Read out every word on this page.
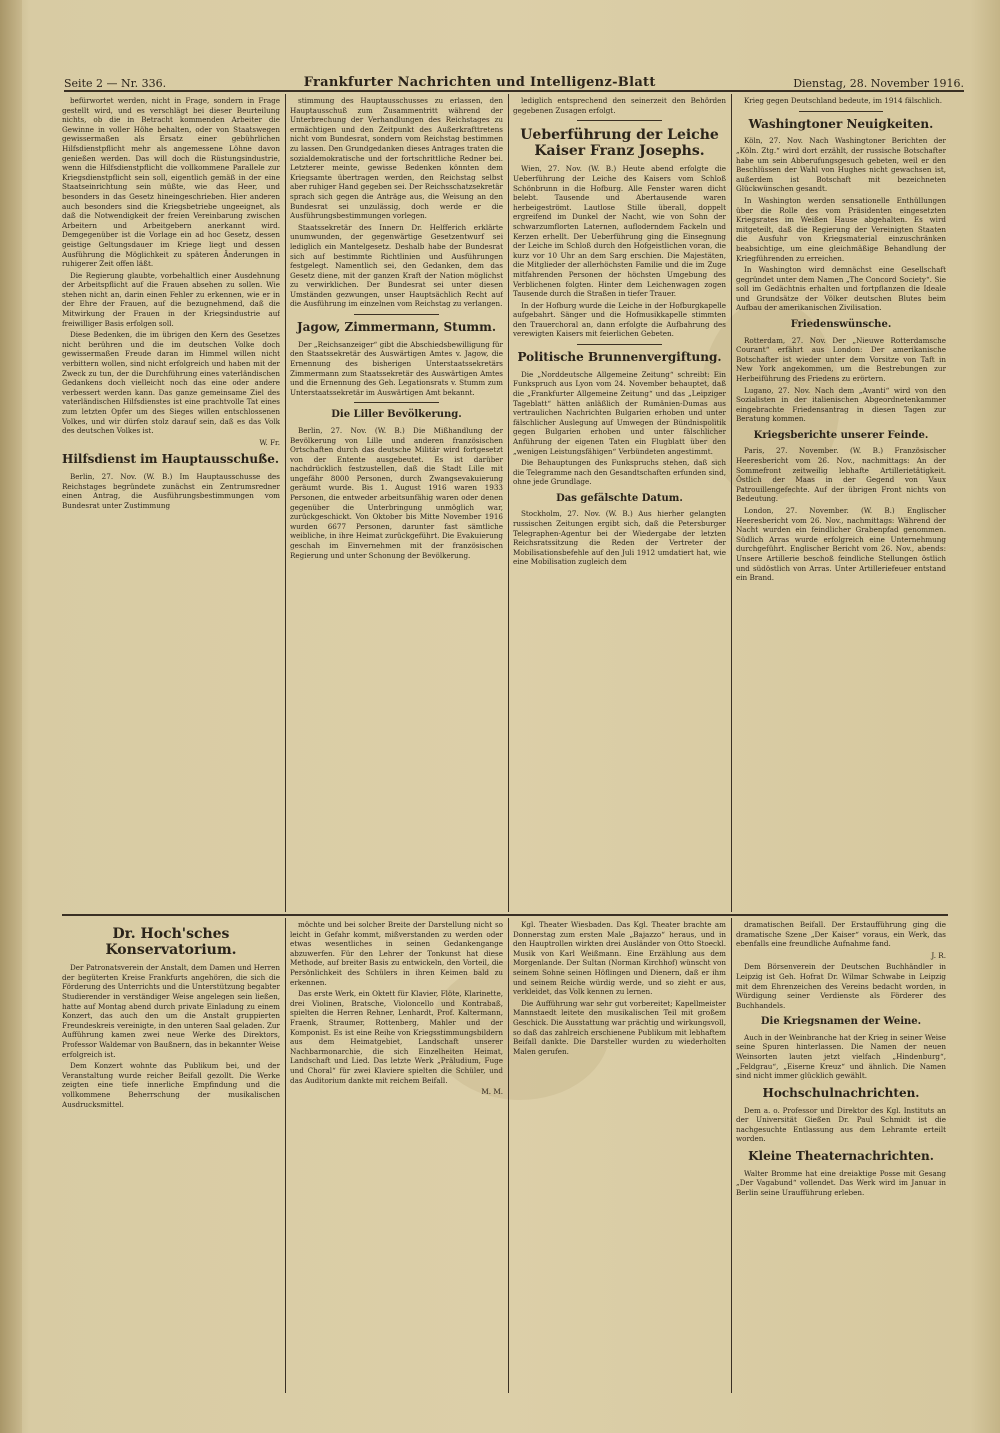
Seite 2 — Nr. 336.	Frankfurter Nachrichten und Intelligenz-Blatt	Dienstag, 28. November 1916.

befürwortet werden, nicht in Frage, sondern in Frage gestellt wird, und es verschlägt bei dieser Beurteilung nichts, ob die in Betracht kommenden Arbeiter die Gewinne in voller Höhe behalten, oder von Staatswegen gewissermaßen als Ersatz einer gebührlichen Hilfsdienstpflicht mehr als angemessene Löhne davon genießen werden. Das will doch die Rüstungsindustrie, wenn die Hilfsdienstpflicht die vollkommene Parallele zur Kriegsdienstpflicht sein soll, eigentlich gemäß in der eine Staatseinrichtung sein müßte, wie das Heer, und besonders in das Gesetz hineingeschrieben. Hier anderen auch besonders sind die Kriegsbetriebe ungeeignet, als daß die Notwendigkeit der freien Vereinbarung zwischen Arbeitern und Arbeitgebern anerkannt wird. Demgegenüber ist die Vorlage ein ad hoc Gesetz, dessen geistige Geltungsdauer im Kriege liegt und dessen Ausführung die Möglichkeit zu späteren Änderungen in ruhigerer Zeit offen läßt.

Die Regierung glaubte, vorbehaltlich einer Ausdehnung der Arbeitspflicht auf die Frauen absehen zu sollen. Wie stehen nicht an, darin einen Fehler zu erkennen, wie er in der Ehre der Frauen, auf die bezugnehmend, daß die Mitwirkung der Frauen in der Kriegsindustrie auf freiwilliger Basis erfolgen soll.

Diese Bedenken, die im übrigen den Kern des Gesetzes nicht berühren und die im deutschen Volke doch gewissermaßen Freude daran im Himmel willen nicht verbittern wollen, sind nicht erfolgreich und haben mit der Zweck zu tun, der die Durchführung eines vaterländischen Gedankens doch vielleicht noch das eine oder andere verbessert werden kann. Das ganze gemeinsame Ziel des vaterländischen Hilfsdienstes ist eine prachtvolle Tat eines zum letzten Opfer um des Sieges willen entschlossenen Volkes, und wir dürfen stolz darauf sein, daß es das Volk des deutschen Volkes ist.

W. Fr.

Hilfsdienst im Hauptausschuße.

Berlin, 27. Nov. (W. B.) Im Hauptausschusse des Reichstages begründete zunächst ein Zentrumsredner einen Antrag, die Ausführungsbestimmungen vom Bundesrat unter Zustimmung

stimmung des Hauptausschusses zu erlassen, den Hauptausschuß zum Zusammentritt während der Unterbrechung der Verhandlungen des Reichstages zu ermächtigen und den Zeitpunkt des Außerkrafttretens nicht vom Bundesrat, sondern vom Reichstag bestimmen zu lassen. Den Grundgedanken dieses Antrages traten die sozialdemokratische und der fortschrittliche Redner bei. Letzterer meinte, gewisse Bedenken könnten dem Kriegsamte übertragen werden, den Reichstag selbst aber ruhiger Hand gegeben sei. Der Reichsschatzsekretär sprach sich gegen die Anträge aus, die Weisung an den Bundesrat sei unzulässig, doch werde er die Ausführungsbestimmungen vorlegen.

Staatssekretär des Innern Dr. Helfferich erklärte unumwunden, der gegenwärtige Gesetzentwurf sei lediglich ein Mantelgesetz. Deshalb habe der Bundesrat sich auf bestimmte Richtlinien und Ausführungen festgelegt. Namentlich sei, den Gedanken, dem das Gesetz diene, mit der ganzen Kraft der Nation möglichst zu verwirklichen. Der Bundesrat sei unter diesen Umständen gezwungen, unser Hauptsächlich Recht auf die Ausführung im einzelnen vom Reichstag zu verlangen.

Jagow, Zimmermann, Stumm.

Der „Reichsanzeiger“ gibt die Abschiedsbewilligung für den Staatssekretär des Auswärtigen Amtes v. Jagow, die Ernennung des bisherigen Unterstaatssekretärs Zimmermann zum Staatssekretär des Auswärtigen Amtes und die Ernennung des Geh. Legationsrats v. Stumm zum Unterstaatssekretär im Auswärtigen Amt bekannt.

Die Liller Bevölkerung.

Berlin, 27. Nov. (W. B.) Die Mißhandlung der Bevölkerung von Lille und anderen französischen Ortschaften durch das deutsche Militär wird fortgesetzt von der Entente ausgebeutet. Es ist darüber nachdrücklich festzustellen, daß die Stadt Lille mit ungefähr 8000 Personen, durch Zwangsevakuierung geräumt wurde. Bis 1. August 1916 waren 1933 Personen, die entweder arbeitsunfähig waren oder denen gegenüber die Unterbringung unmöglich war, zurückgeschickt. Von Oktober bis Mitte November 1916 wurden 6677 Personen, darunter fast sämtliche weibliche, in ihre Heimat zurückgeführt. Die Evakuierung geschah im Einvernehmen mit der französischen Regierung und unter Schonung der Bevölkerung.

lediglich entsprechend den seinerzeit den Behörden gegebenen Zusagen erfolgt.

Ueberführung der Leiche Kaiser Franz Josephs.

Wien, 27. Nov. (W. B.) Heute abend erfolgte die Ueberführung der Leiche des Kaisers vom Schloß Schönbrunn in die Hofburg. Alle Fenster waren dicht belebt. Tausende und Abertausende waren herbeigeströmt. Lautlose Stille überall, doppelt ergreifend im Dunkel der Nacht, wie von Sohn der schwarzumflorten Laternen, aufloderndem Fackeln und Kerzen erhellt. Der Ueberführung ging die Einsegnung der Leiche im Schloß durch den Hofgeistlichen voran, die kurz vor 10 Uhr an dem Sarg erschien. Die Majestäten, die Mitglieder der allerhöchsten Familie und die im Zuge mitfahrenden Personen der höchsten Umgebung des Verblichenen folgten. Hinter dem Leichenwagen zogen Tausende durch die Straßen in tiefer Trauer.

In der Hofburg wurde die Leiche in der Hofburgkapelle aufgebahrt. Sänger und die Hofmusikkapelle stimmten den Trauerchoral an, dann erfolgte die Aufbahrung des verewigten Kaisers mit feierlichen Gebeten.

Politische Brunnenvergiftung.

Die „Norddeutsche Allgemeine Zeitung“ schreibt: Ein Funkspruch aus Lyon vom 24. November behauptet, daß die „Frankfurter Allgemeine Zeitung“ und das „Leipziger Tageblatt“ hätten anläßlich der Rumänien-Dumas aus vertraulichen Nachrichten Bulgarien erhoben und unter fälschlicher Auslegung auf Umwegen der Bündnispolitik gegen Bulgarien erhoben und unter fälschlicher Anführung der eigenen Taten ein Flugblatt über den „wenigen Leistungsfähigen“ Verbündeten angestimmt.

Die Behauptungen des Funkspruchs stehen, daß sich die Telegramme nach den Gesandtschaften erfunden sind, ohne jede Grundlage.

Das gefälschte Datum.

Stockholm, 27. Nov. (W. B.) Aus hierher gelangten russischen Zeitungen ergibt sich, daß die Petersburger Telegraphen-Agentur bei der Wiedergabe der letzten Reichsratssitzung die Reden der Vertreter der Mobilisationsbefehle auf den Juli 1912 umdatiert hat, wie eine Mobilisation zugleich dem

Krieg gegen Deutschland bedeute, im 1914 fälschlich.

Washingtoner Neuigkeiten.

Köln, 27. Nov. Nach Washingtoner Berichten der „Köln. Ztg.“ wird dort erzählt, der russische Botschafter habe um sein Abberufungsgesuch gebeten, weil er den Beschlüssen der Wahl von Hughes nicht gewachsen ist, außerdem ist Botschaft mit bezeichneten Glückwünschen gesandt.

In Washington werden sensationelle Enthüllungen über die Rolle des vom Präsidenten eingesetzten Kriegsrates im Weißen Hause abgehalten. Es wird mitgeteilt, daß die Regierung der Vereinigten Staaten die Ausfuhr von Kriegsmaterial einzuschränken beabsichtige, um eine gleichmäßige Behandlung der Kriegführenden zu erreichen.

In Washington wird demnächst eine Gesellschaft gegründet unter dem Namen „The Concord Society“. Sie soll im Gedächtnis erhalten und fortpflanzen die Ideale und Grundsätze der Völker deutschen Blutes beim Aufbau der amerikanischen Zivilisation.

Friedenswünsche.

Rotterdam, 27. Nov. Der „Nieuwe Rotterdamsche Courant“ erfährt aus London: Der amerikanische Botschafter ist wieder unter dem Vorsitze von Taft in New York angekommen, um die Bestrebungen zur Herbeiführung des Friedens zu erörtern.

Lugano, 27. Nov. Nach dem „Avanti“ wird von den Sozialisten in der italienischen Abgeordnetenkammer eingebrachte Friedensantrag in diesen Tagen zur Beratung kommen.

Kriegsberichte unserer Feinde.

Paris, 27. November. (W. B.) Französischer Heeresbericht vom 26. Nov., nachmittags: An der Sommefront zeitweilig lebhafte Artillerietätigkeit. Östlich der Maas in der Gegend von Vaux Patrouillengefechte. Auf der übrigen Front nichts von Bedeutung.

London, 27. November. (W. B.) Englischer Heeresbericht vom 26. Nov., nachmittags: Während der Nacht wurden ein feindlicher Grabenpfad genommen. Südlich Arras wurde erfolgreich eine Unternehmung durchgeführt. Englischer Bericht vom 26. Nov., abends: Unsere Artillerie beschoß feindliche Stellungen östlich und südöstlich von Arras. Unter Artilleriefeuer entstand ein Brand.

Dr. Hoch'sches Konservatorium.

Der Patronatsverein der Anstalt, dem Damen und Herren der begüterten Kreise Frankfurts angehören, die sich die Förderung des Unterrichts und die Unterstützung begabter Studierender in verständiger Weise angelegen sein ließen, hatte auf Montag abend durch private Einladung zu einem Konzert, das auch den um die Anstalt gruppierten Freundeskreis vereinigte, in den unteren Saal geladen. Zur Aufführung kamen zwei neue Werke des Direktors, Professor Waldemar von Baußnern, das in bekannter Weise erfolgreich ist.

Dem Konzert wohnte das Publikum bei, und der Veranstaltung wurde reicher Beifall gezollt. Die Werke zeigten eine tiefe innerliche Empfindung und die vollkommene Beherrschung der musikalischen Ausdrucksmittel.

möchte und bei solcher Breite der Darstellung nicht so leicht in Gefahr kommt, mißverstanden zu werden oder etwas wesentliches in seinen Gedankengange abzuwerfen. Für den Lehrer der Tonkunst hat diese Methode, auf breiter Basis zu entwickeln, den Vorteil, die Persönlichkeit des Schülers in ihren Keimen bald zu erkennen.

Das erste Werk, ein Oktett für Klavier, Flöte, Klarinette, drei Violinen, Bratsche, Violoncello und Kontrabaß, spielten die Herren Rehner, Lenhardt, Prof. Kaltermann, Fraenk, Straumer, Rottenberg, Mahler und der Komponist. Es ist eine Reihe von Kriegsstimmungsbildern aus dem Heimatgebiet, Landschaft unserer Nachbarmonarchie, die sich Einzelheiten Heimat, Landschaft und Lied. Das letzte Werk „Präludium, Fuge und Choral“ für zwei Klaviere spielten die Schüler, und das Auditorium dankte mit reichem Beifall.

M. M.

Kgl. Theater Wiesbaden. Das Kgl. Theater brachte am Donnerstag zum ersten Male „Bajazzo“ heraus, und in den Hauptrollen wirkten drei Ausländer von Otto Stoeckl. Musik von Karl Weißmann. Eine Erzählung aus dem Morgenlande. Der Sultan (Norman Kirchhof) wünscht von seinem Sohne seinen Höflingen und Dienern, daß er ihm und seinem Reiche würdig werde, und so zieht er aus, verkleidet, das Volk kennen zu lernen.

Die Aufführung war sehr gut vorbereitet; Kapellmeister Mannstaedt leitete den musikalischen Teil mit großem Geschick. Die Ausstattung war prächtig und wirkungsvoll, so daß das zahlreich erschienene Publikum mit lebhaftem Beifall dankte. Die Darsteller wurden zu wiederholten Malen gerufen.

dramatischen Beifall. Der Erstaufführung ging die dramatische Szene „Der Kaiser“ voraus, ein Werk, das ebenfalls eine freundliche Aufnahme fand.

J. R.

Dem Börsenverein der Deutschen Buchhändler in Leipzig ist Geh. Hofrat Dr. Wilmar Schwabe in Leipzig mit dem Ehrenzeichen des Vereins bedacht worden, in Würdigung seiner Verdienste als Förderer des Buchhandels.

Die Kriegsnamen der Weine.

Auch in der Weinbranche hat der Krieg in seiner Weise seine Spuren hinterlassen. Die Namen der neuen Weinsorten lauten jetzt vielfach „Hindenburg“, „Feldgrau“, „Eiserne Kreuz“ und ähnlich. Die Namen sind nicht immer glücklich gewählt.

Hochschulnachrichten.

Dem a. o. Professor und Direktor des Kgl. Instituts an der Universität Gießen Dr. Paul Schmidt ist die nachgesuchte Entlassung aus dem Lehramte erteilt worden.

Kleine Theaternachrichten.

Walter Bromme hat eine dreiaktige Posse mit Gesang „Der Vagabund“ vollendet. Das Werk wird im Januar in Berlin seine Uraufführung erleben.
